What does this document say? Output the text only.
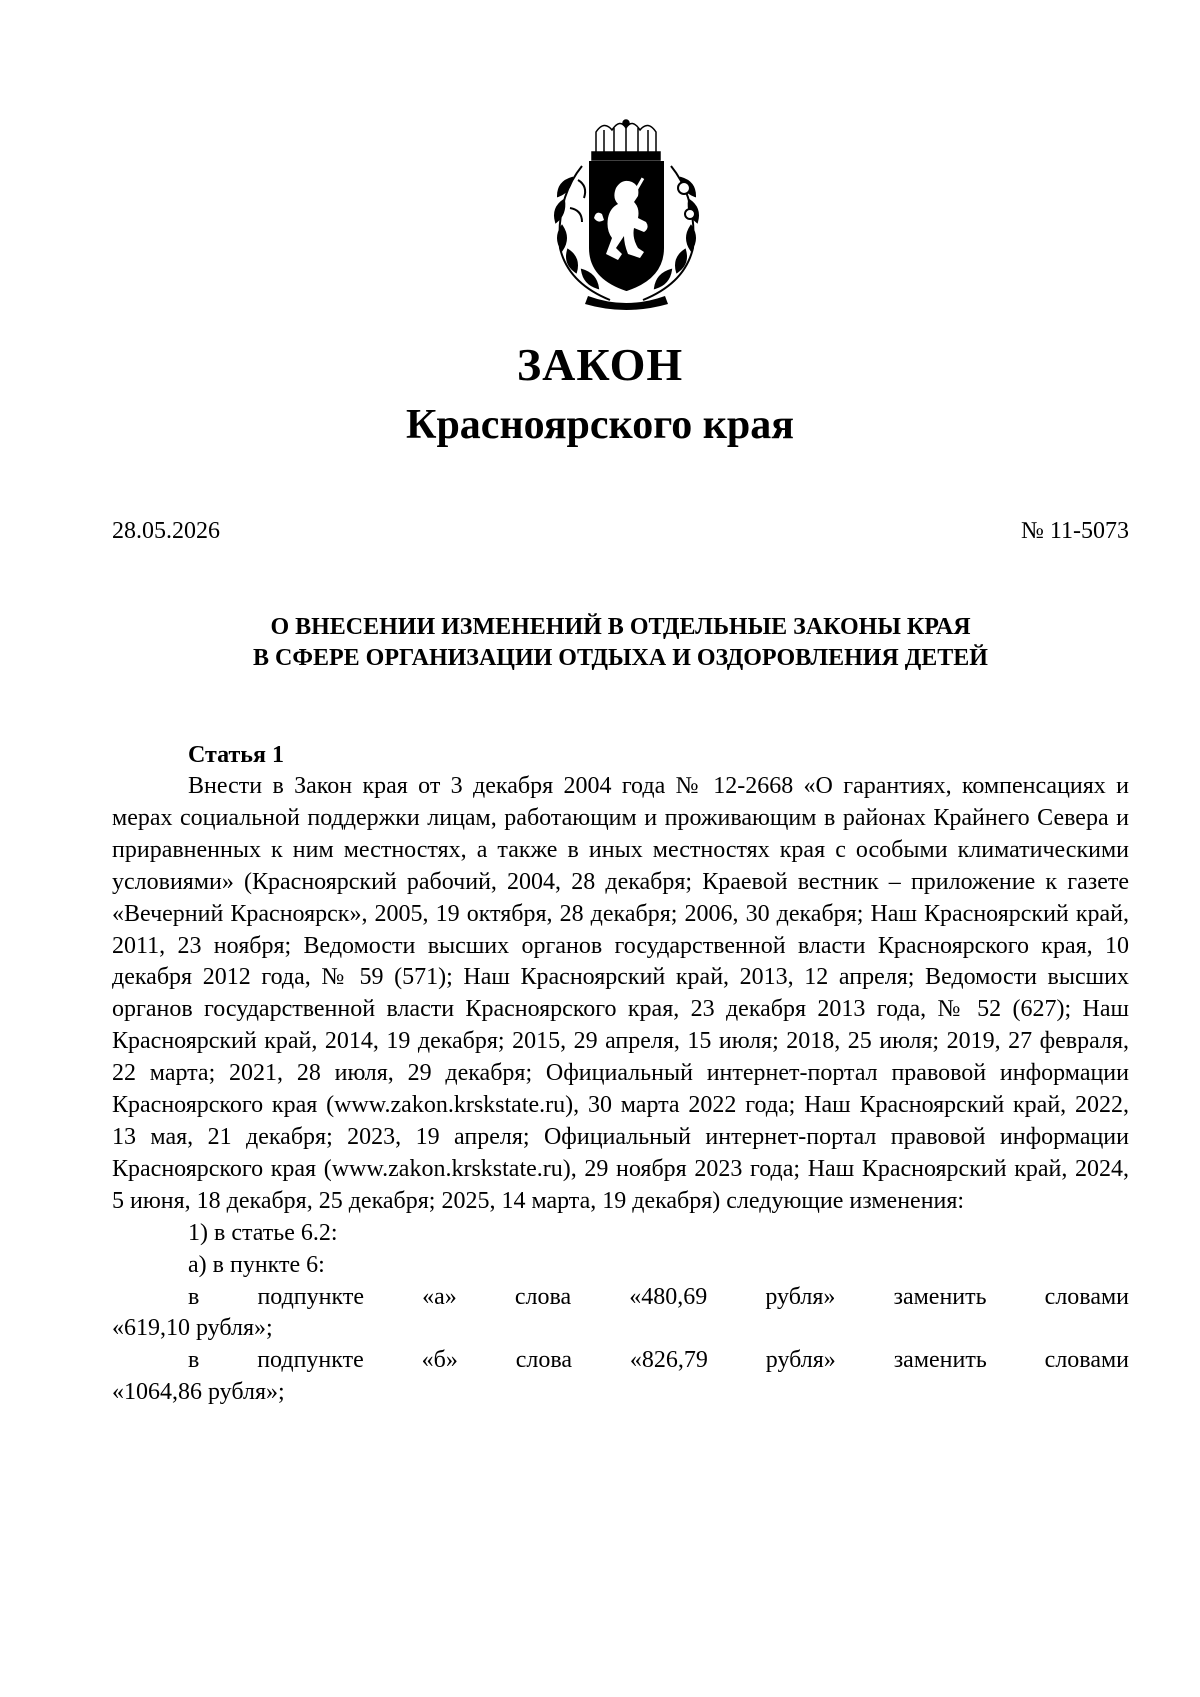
ЗАКОН
Красноярского края
28.05.2026	№ 11-5073
О ВНЕСЕНИИ ИЗМЕНЕНИЙ В ОТДЕЛЬНЫЕ ЗАКОНЫ КРАЯ
В СФЕРЕ ОРГАНИЗАЦИИ ОТДЫХА И ОЗДОРОВЛЕНИЯ ДЕТЕЙ
Статья 1

Внести в Закон края от 3 декабря 2004 года № 12-2668 «О гарантиях, компенсациях и мерах социальной поддержки лицам, работающим и проживающим в районах Крайнего Севера и приравненных к ним местностях, а также в иных местностях края с особыми климатическими условиями» (Красноярский рабочий, 2004, 28 декабря; Краевой вестник – приложение к газете «Вечерний Красноярск», 2005, 19 октября, 28 декабря; 2006, 30 декабря; Наш Красноярский край, 2011, 23 ноября; Ведомости высших органов государственной власти Красноярского края, 10 декабря 2012 года, № 59 (571); Наш Красноярский край, 2013, 12 апреля; Ведомости высших органов государственной власти Красноярского края, 23 декабря 2013 года, № 52 (627); Наш Красноярский край, 2014, 19 декабря; 2015, 29 апреля, 15 июля; 2018, 25 июля; 2019, 27 февраля, 22 марта; 2021, 28 июля, 29 декабря; Официальный интернет-портал правовой информации Красноярского края (www.zakon.krskstate.ru), 30 марта 2022 года; Наш Красноярский край, 2022, 13 мая, 21 декабря; 2023, 19 апреля; Официальный интернет-портал правовой информации Красноярского края (www.zakon.krskstate.ru), 29 ноября 2023 года; Наш Красноярский край, 2024, 5 июня, 18 декабря, 25 декабря; 2025, 14 марта, 19 декабря) следующие изменения:

1) в статье 6.2:
а) в пункте 6:

в подпункте «а» слова «480,69 рубля» заменить словами

«619,10 рубля»;

в подпункте «б» слова «826,79 рубля» заменить словами

«1064,86 рубля»;
